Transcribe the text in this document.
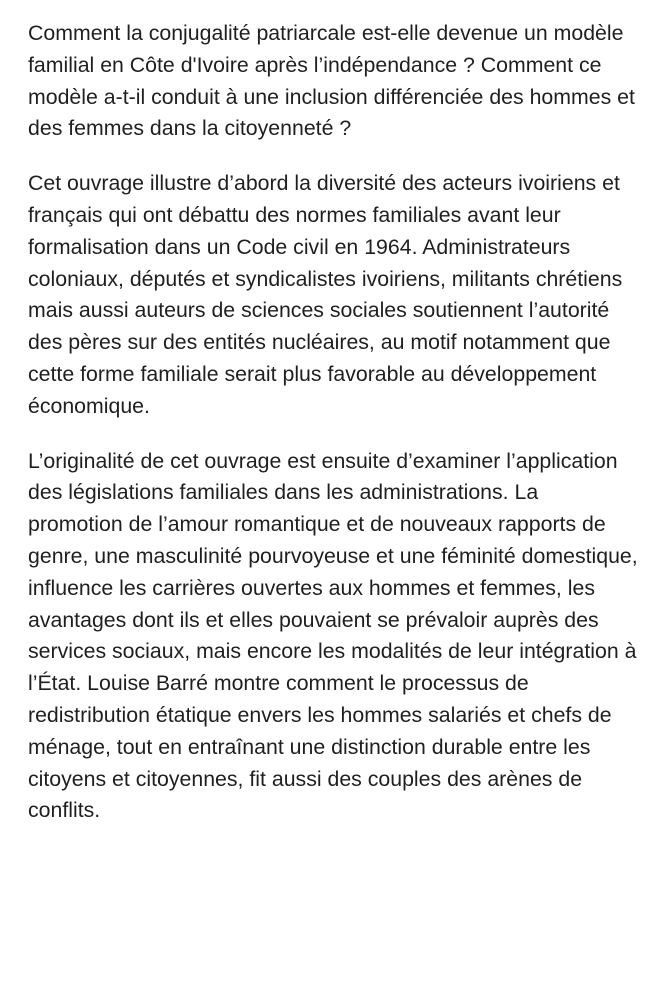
Comment la conjugalité patriarcale est-elle devenue un modèle familial en Côte d'Ivoire après l’indépendance ? Comment ce modèle a-t-il conduit à une inclusion différenciée des hommes et des femmes dans la citoyenneté ?

Cet ouvrage illustre d’abord la diversité des acteurs ivoiriens et français qui ont débattu des normes familiales avant leur formalisation dans un Code civil en 1964. Administrateurs coloniaux, députés et syndicalistes ivoiriens, militants chrétiens mais aussi auteurs de sciences sociales soutiennent l’autorité des pères sur des entités nucléaires, au motif notamment que cette forme familiale serait plus favorable au développement économique.

L’originalité de cet ouvrage est ensuite d’examiner l’application des législations familiales dans les administrations. La promotion de l’amour romantique et de nouveaux rapports de genre, une masculinité pourvoyeuse et une féminité domestique, influence les carrières ouvertes aux hommes et femmes, les avantages dont ils et elles pouvaient se prévaloir auprès des services sociaux, mais encore les modalités de leur intégration à l’État. Louise Barré montre comment le processus de redistribution étatique envers les hommes salariés et chefs de ménage, tout en entraînant une distinction durable entre les citoyens et citoyennes, fit aussi des couples des arènes de conflits.
